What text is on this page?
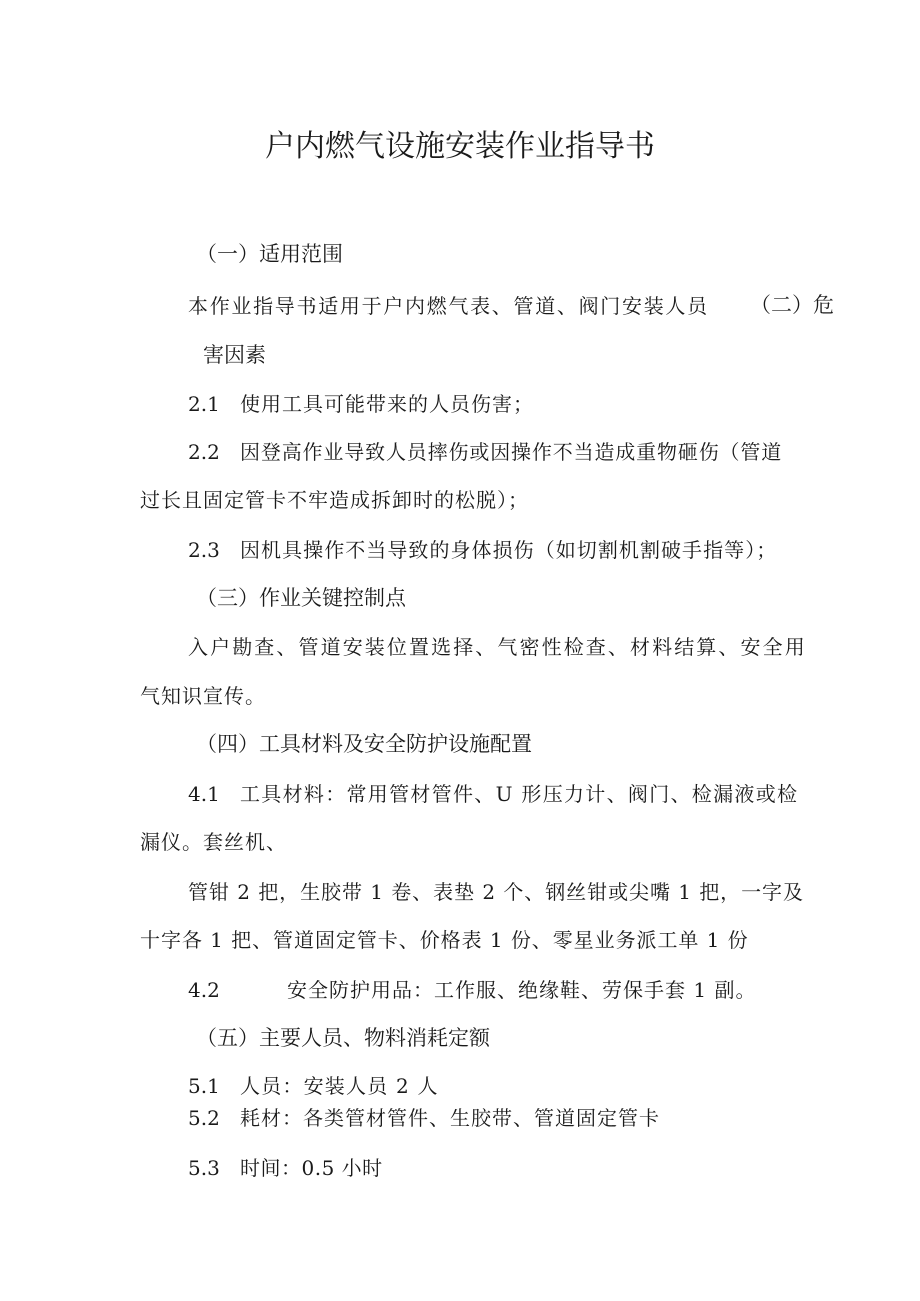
户内燃气设施安装作业指导书
（一）适用范围
本作业指导书适用于户内燃气表、管道、阀门安装人员 （二）危
害因素
2.1 使用工具可能带来的人员伤害；
2.2 因登高作业导致人员摔伤或因操作不当造成重物砸伤（管道
过长且固定管卡不牢造成拆卸时的松脱）；
2.3 因机具操作不当导致的身体损伤（如切割机割破手指等）；
（三）作业关键控制点
入户勘查、管道安装位置选择、气密性检查、材料结算、安全用
气知识宣传。
（四）工具材料及安全防护设施配置
4.1 工具材料：常用管材管件、U 形压力计、阀门、检漏液或检
漏仪。套丝机、
管钳 2 把，生胶带 1 卷、表垫 2 个、钢丝钳或尖嘴 1 把，一字及
十字各 1 把、管道固定管卡、价格表 1 份、零星业务派工单 1 份
4.2	安全防护用品：工作服、绝缘鞋、劳保手套 1 副。
（五）主要人员、物料消耗定额
5.1 人员：安装人员 2 人
5.2 耗材：各类管材管件、生胶带、管道固定管卡
5.3 时间：0.5 小时
